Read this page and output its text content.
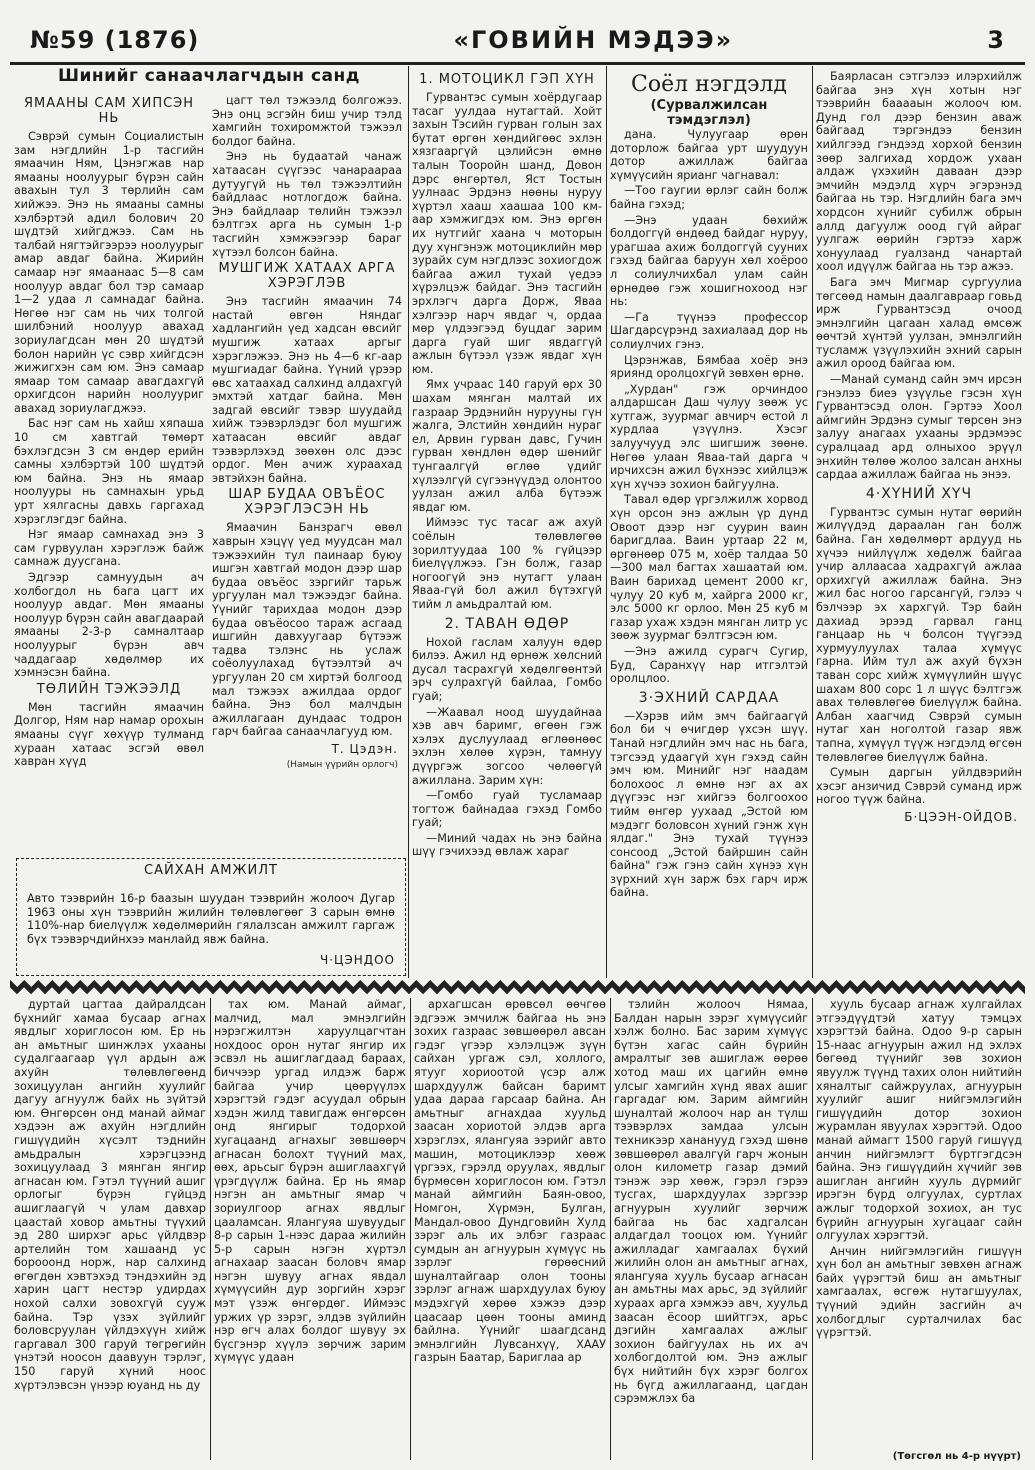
№59 (1876)	«ГОВИЙН МЭДЭЭ»	3
Шинийг санаачлагчдын санд
ЯМААНЫ САМ ХИПСЭН НЬ

Сэврэй сумын Социалистын зам нэгдлийн 1-р тасгийн ямаачин Ням, Цэнэгжав нар ямааны ноолуурыг бүрэн сайн авахын тул 3 төрлийн сам хийжээ. Энэ нь ямааны самны хэлбэртэй адил болович 20 шүдтэй хийгджээ. Сам нь талбай нягтэйгээрээ ноолуурыг амар авдаг байна. Жирийн самаар нэг ямаанаас 5—8 сам ноолуур авдаг бол тэр самаар 1—2 удаа л самнадаг байна. Нөгөө нэг сам нь чих толгой шилбэний ноолуур авахад зориулагдсан мөн 20 шүдтэй болон нарийн үс сэвр хийгдсэн жижигхэн сам юм. Энэ самаар ямаар том самаар авагдахгүй орхигдсон нарийн ноолууриг авахад зориулагджээ.

Бас нэг сам нь хайш хяпаша 10 см хавтгай төмөрт бэхлэгдсэн 3 см өндөр ерийн самны хэлбэртэй 100 шүдтэй юм байна. Энэ нь ямаар ноолууры нь самнахын урьд урт хялгасны давхь гаргахад хэрэглэгдэг байна.

Нэг ямаар самнахад энэ 3 сам гурвуулан хэрэглэж байж самнаж дуусгана.

Эдгээр самнуудын ач холбогдол нь бага цагт их ноолуур авдаг. Мөн ямааны ноолуур бүрэн сайн авагдаарай ямааны 2-3-р самналтаар ноолуурыг бүрэн авч чаддагаар хөдөлмөр их хэмнэсэн байна.

ТӨЛИЙН ТЭЖЭЭЛД

Мөн тасгийн ямаачин Долгор, Ням нар намар орохын ямааны сүүг хөхүүр тулманд хураан хатаас эсгэй өвөл хавран хүүд

цагт төл тэжээлд болгожээ. Энэ онц эсгэйн биш учир тэлд хамгийн тохиромжтой тэжээл болдог байна.

Энэ нь будаатай чанаж хатаасан сүүгээс чанараараа дутуугүй нь төл тэжээлтийн байдлаас нотлогдож байна. Энэ байдлаар төлийн тэжээл бэлтгэх арга нь сумын 1-р тасгийн хэмжээгээр бараг хүтээл болсон байна.

МУШГИЖ ХАТААХ АРГА ХЭРЭГЛЭВ

Энэ тасгийн ямаачин 74 настай өвгөн Няндаг хадлангийн үед хадсан өвсийг мушгиж хатаах аргыг хэрэглэжээ. Энэ нь 4—6 кг-аар мушгиадаг байна. Үүний үрээр өвс хатаахад салхинд алдахгүй эмхтэй хатдаг байна. Мөн задгай өвсийг тэвэр шуудайд хийж тээвэрлэдэг бол мушгиж хатаасан өвсийг авдаг тээвэрлэхэд зөөхөн олс дээс ордог. Мөн ачиж хураахад эвтэйхэн байна.

ШАР БУДАА ОВЪЁОС ХЭРЭГЛЭСЭН НЬ

Ямаачин Банзрагч өвөл хаврын хэцүү үед муудсан мал тэжээхийн тул паинаар буюу ишгэн хавтгай модон дээр шар будаа овъёос зэргийг тарьж ургуулан мал тэжээдэг байна. Үүнийг тарихдаа модон дээр будаа овъёосоо тараж асгаад ишгийн давхуугаар бүтээж тадва тэлэнс нь услаж соёолуулахад бүтээлтэй ач ургуулан 20 см хиртэй болгоод мал тэжээх ажилдаа ордог байна. Энэ бол малчдын ажиллагаан дундаас тодрон гарч байгаа санаачлагууд юм.

Т. Цэдэн.
(Намын үүрийн орлогч)
САЙХАН АМЖИЛТ
Авто тээврийн 16-р баазын шуудан тээврийн жолооч Дугар 1963 оны хүн тээврийн жилийн төлөвлөгөөг 3 сарын өмнө 110%-нар биелүүлж хөдөлмөрийн гялалзсан амжилт гаргаж бүх тээвэрчдийнхээ манлайд явж байна.
Ч·ЦЭНДОО
1. МОТОЦИКЛ ГЭП ХҮН

Гурвантэс сумын хоёрдугаар тасаг уулдаа нутагтай. Хойт захын Тэсийн гурван голын зах бутат өргөн хөндийгөөс эхлэн хязгааргүй цэлийсэн өмнө талын Тооройн шанд, Довон дэрс өнгөртөл, Яст Тостын уулнаас Эрдэнэ нөөны нуруу хүртэл хааш хаашаа 100 км-аар хэмжигдэх юм. Энэ өргөн их нутгийг хаана ч моторын дуу хүнгэнэж мотоциклийн мөр зурайх сум нэгдлээс зохиогдож байгаа ажил тухай үедээ хүрэлцэж байдаг. Энэ тасгийн эрхлэгч дарга Дорж, Яваа хэлгээр нарч явдаг ч, ордаа мөр үлдээгээд буцдаг зарим дарга гуай шиг явдаггүй ажлын бүтээл үзэж явдаг хүн юм.

Ямх учраас 140 гаруй өрх 30 шахам мянган малтай их газраар Эрдэнийн нурууны гүн жалга, Элстийн хөндийн нураг ел, Арвин гурван давс, Гучин гурван хөндлөн өдөр шөнийг тунгаалгүй өглөө үдийг хүлээлгүй сүгээнүүдэд олонтоо уулзан ажил алба бүтээж явдаг юм.

Иймээс тус тасаг аж ахуй соёлын төлөвлөгөө зорилтуудаа 100 % гүйцээр биелүүлжээ. Гэн болж, газар ногоогүй энэ нутагт улаан Яваа-гүй бол ажил бүтэхгүй тийм л амьдралтай юм.

2. ТАВАН ӨДӨР

Нохой гаслам халуун өдөр билээ. Ажил нд өрнөж хөлсний дусал тасрахгүй хөдөлгөөнтэй эрч сулрахгүй байлаа, Гомбо гуай;

—Жаавал ноод шуудайнаа хэв авч баримг, өгөөн гэж хэлэх дуслуулаад өглөөнөөс эхлэн хөлөө хүрэн, тамнуу дүүргэж зогсоо чөлөөгүй ажиллана. Зарим хүн:

—Гомбо гуай тусламаар тогтож байнадаа гэхэд Гомбо гуай;

—Миний чадах нь энэ байна шүү гэчихээд өвлаж хараг

Соёл нэгдэлд
(Сурвалжилсан тэмдэглэл)

дана. Чулуугаар өрөн доторлож байгаа урт шуудуун дотор ажиллаж байгаа хүмүүсийн ярианг чагнавал:

—Тоо гаугии өрлэг сайн болж байна гэхэд;

—Энэ удаан бөхийж болдоггүй өндөөд байдаг нуруу, урагшаа ахиж болдоггүй сууних гэхэд байгаа баруун хөл хоёроо л солиулчихбал улам сайн өрнөдөө гэж хошигнохоод нэг нь:

—Га түүнээ профессор Шагдарсүрэнд захиалаад дор нь солиулчих гэнэ.

Цэрэнжав, Бямбаа хоёр энэ яриянд оролцохгүй зөвхөн өрнө.

„Хурдан" гэж орчиндоо алдаршсан Даш чулуу зөөж ус хутгаж, зуурмаг авчирч өстой л хурдлаа үзүүлнэ. Хэсэг залуучууд элс шигшиж зөөнө. Нөгөө улаан Яваа-тай дарга ч ирчихсэн ажил бүхнээс хийлцэж хүн хүчээ зохион байгуулна.

Тавал өдөр үргэлжилж хорвод хүн орсон энэ ажлын үр дүнд Овоот дээр нэг суурин ваин баригдлаа. Ваин уртаар 22 м, өргөнөөр 075 м, хоёр талдаа 50—300 мал багтах хашаатай юм. Ваин барихад цемент 2000 кг, чулуу 20 куб м, хайрга 2000 кг, элс 5000 кг орлоо. Мөн 25 куб м газар ухаж хэдэн мянган литр ус зөөж зуурмаг бэлтгэсэн юм.

—Энэ ажилд сурагч Сугир, Буд, Саранхүү нар итгэлтэй оролцлоо.

3·ЭХНИЙ САРДАА

—Хэрэв ийм эмч байгаагүй бол би ч өчигдөр үхсэн шүү. Танай нэгдлийн эмч нас нь бага, тэгсээд удаагүй хүн гэхэд сайн эмч юм. Минийг нэг наадам болохоос л өмнө нэг ах ах дүүгээс нэг хийгээ болгоохоо тийм өнгөр уухаад „Эстой юм мэдэгг боловсон хүний гэнж хүн ялдаг." Энэ тухай түүнээ сонсоод „Эстой байршин сайн байна" гэж гэнэ сайн хүнээ хүн зүрхний хүн зарж бэх гарч ирж байна.

Баярласан сэтгэлээ илэрхийлж байгаа энэ хүн хотын нэг тээврийн бааааын жолооч юм. Дунд гол дээр бензин аваж байгаад тэргэндээ бензин хийлгээд гэндээд хорхой бензин зөөр залгихад хордож ухаан алдаж үхэхийн даваан дээр эмчийн мэдэлд хүрч эгэрэнэд байгаа нь тэр. Нэгдлийн бага эмч хордсон хүнийг субилж обрын аллд дагуулж ооод гүй айраг уулгаж өөрийн гэртээ харж хонуулаад гуалзанд чанартай хоол идүүлж байгаа нь тэр ажээ.

Бага эмч Мигмар сургуулиа төгсөөд намын даалгавраар говьд ирж Гурвантэсэд очоод эмнэлгийн цагаан халад өмсөж өөчтэй хүнтэй уулзан, эмнэлгийн тусламж үзүүлэхийн эхний сарын ажил ороод байгаа юм.

—Манай суманд сайн эмч ирсэн гэнэлээ биеэ үзүүлье гэсэн хүн Гурвантэсэд олон. Гэртээ Хоол аймгийн Эрдэнэ сумыг төрсөн энэ залуу анагаах ухааны эрдэмээс суралцаад ард олныхоо эрүүл энхийн төлөө жолоо залсан анхны сардаа ажиллаж байгаа нь энээ.

4·ХҮНИЙ ХҮЧ

Гурвантэс сумын нутаг өөрийн жилүүдэд дараалан ган болж байна. Ган хөдөлмөрт ардууд нь хүчээ нийлүүлж хөдөлж байгаа учир аллаасаа хадрахгүй ажлаа орхихгүй ажиллаж байна. Энэ жил бас ногоо гарсангүй, гэлээ ч бэлчээр эх хархгүй. Тэр байн дахиад эрээд гарвал ганц ганцаар нь ч болсон түүгээд хурмуулуулах талаа хүмүүс гарна. Ийм тул аж ахуй бүхэн таван сорс хийж хүмүүлийн шүүс шахам 800 сорс 1 л шүүс бэлтгэж авах төлөвлөгөө биелүүлж байна. Албан хаагчид Сэврэй сумын нутаг хан ноголтой газар явж тапна, хүмүүл түүж нэгдэлд өгсөн төлөвлөгөө биелүүлж байна.

Сумын даргын уйлдвэрийн хэсэг анзичид Сэврэй суманд ирж ногоо түүж байна.

Б·ЦЭЭН-ОЙДОВ.

дуртай цагтаа дайралдсан бүхнийг хамаа бусаар агнах явдлыг хориглосон юм. Ер нь ан амьтныг шинжлэх ухааны судалгаагаар үүл ардын аж ахуйн төлөвлөгөөнд зохицуулан ангийн хуулийг дагуу агнуулж байх нь зүйтэй юм. Өнгөрсөн онд манай аймаг хэдээн аж ахуйн нэгдлийн гишүүдийн хүсэлт тэднийн амьдралын хэрэгцээнд зохицуулаад 3 мянган янгир агнасан юм. Гэтэл түүний ашиг орлогыг бүрэн гүйцэд ашиглаагүй ч улам давхар цаастай ховор амьтны түүхий эд 280 ширхэг арьс үйлдвэр артелийн том хашаанд ус борооонд норж, нар салхинд өгөгдөн хэвтэхэд тэндэхийн эд харин цагт нестэр удирдах нохой салхи зовохгүй сууж байна. Тэр үзэх зүйлийг боловсруулан үйлдэхүүн хийж гаргавал 300 гаруй төгрөгийн үнэтэй ноосон даавуун тэрлэг, 150 гаруй хүний ноос хүртэлэвсэн үнээр юуанд нь ду

тах юм. Манай аймаг, малчид, мал эмнэлгийн нэрэгжилтэн харуулцагчтан нохдоос орон нутаг янгир их эсвэл нь ашиглагдаад бараах, биччээр ургад илдэж барж байгаа учир цөөрүүлэх хэрэгтэй гэдэг асуудал обрын хэдэн жилд тавигдаж өнгөрсөн онд янгирыг тодорхой хугацаанд агнахыг зөвшөөрч агнасан болохт түүний мах, өөх, арьсыг бүрэн ашиглаахгүй үрэгдүүлж байна. Ер нь ямар нэгэн ан амьтныг ямар ч зориулгоор агнах явдлыг цааламсан. Ялангуяа шувуудыг 8-р сарын 1-нээс дараа жилийн 5-р сарын нэгэн хүртэл агнахаар заасан боловч ямар нэгэн шувуу агнах явдал хүмүүсийн дур зоргийн хэрэг мэт үзэж өнгөрдөг. Иймээс уржих үр зэрэг, элдэв зүйлийн нэр өгч алах болдог шувуу эх бүсгэнэр хүүлэ зөрчиж зарим хүмүүс удаан

архагшсан өрөвсөл өөчгөө эдгээж эмчилж байгаа нь энэ зохих газраас зөвшөөрөл авсан гэдэг үгээр хэлэлцэж зүүн сайхан ургаж сэл, холлого, ятууг хориоотой үсэр алж шархдуулж байсан баримт удаа дараа гарсаар байна. Ан амьтныг агнахдаа хуульд заасан хориотой элдэв арга хэрэглэх, ялангуяа ээрийг авто машин, мотоциклээр хөөж үргээх, гэрэлд оруулах, явдлыг бүрмөсөн хориглосон юм. Гэтэл манай аймгийн Баян-овоо, Номгон, Хүрмэн, Булган, Мандал-овоо Дундговийн Хулд зэрэг аль их элбэг газраас сумдын ан агнуурын хүмүүс нь зэрлэг гөрөөсний шуналтайгаар олон тооны зэрлэг агнаж шархдуулах буюу мэдэхгүй хөрөө хэжээ дээр цаасаар цөөн тооны аминд байлна. Үүнийг шаагдсанд эмнэлгийн Лувсанхүү, ХААУ газрын Баатар, Бариглаа ар

тэлийн жолооч Нямаа, Балдан нарын зэрэг хүмүүсийг хэлж болно. Бас зарим хүмүүс бүтэн хагас сайн бүрийн амралтыг зөв ашиглаж өөрөө хотод маш их цагийн өмнө улсыг хамгийн хүнд явах ашиг гаргадаг юм. Зарим аймгийн шуналтай жолооч нар ан түлш тээвэрлэх замдаа улсын техникээр хананууд гэхэд шөнө зөвшөөрөл авалгүй гарч жонын олон километр газар дэмий тэнэж ээр хөөж, гэрэл гэрээ тусгах, шархдуулах зэргээр агнуурын хуулийг зөрчиж байгаа нь бас хадгалсан алдагдал тооцох юм. Үүнийг ажилладаг хамгаалах бүхий жилийн олон ан амьтныг агнах, ялангуяа хууль бусаар агнасан ан амьтны мах арьс, эд зүйлийг хураах арга хэмжээ авч, хуульд заасан ёсоор шийтгэх, арьс дэгийн хамгаалах ажлыг зохион байгуулах нь их ач холбогдолтой юм. Энэ ажлыг бүх нийтийн бүх хэрэг болгох нь бүгд ажиллагаанд, цагдан сэрэмжлэх ба

хууль бусаар агнаж хулгайлах этгээдүүдтэй хатуу тэмцэх хэрэгтэй байна. Одоо 9-р сарын 15-наас агнуурын ажил нд эхлэх бөгөөд түүнийг зөв зохион явуулж түүнд тахих олон нийтийн хяналтыг сайжруулах, агнуурын хуулийг ашиг нийгэмлэгийн гишүүдийн дотор зохион журамлан явуулах хэрэгтэй. Одоо манай аймагт 1500 гаруй гишүүд анчин нийгэмлэгт бүртгэгдсэн байна. Энэ гишүүдийн хүчийг зөв ашиглан ангийн хууль дүрмийг ирэгэн бүрд олгуулах, суртлах ажлыг тодорхой зохиох, ан тус бүрийн агнуурын хугацааг сайн олгуулах хэрэгтэй.

Анчин нийгэмлэгийн гишүүн хүн бол ан амьтныг зөвхөн агнаж байх үүрэгтэй биш ан амьтныг хамгаалах, өсгөж нутагшуулах, түүний эдийн засгийн ач холбогдлыг сурталчилах бас үүрэгтэй.

(Төгсгөл нь 4-р нүүрт)
